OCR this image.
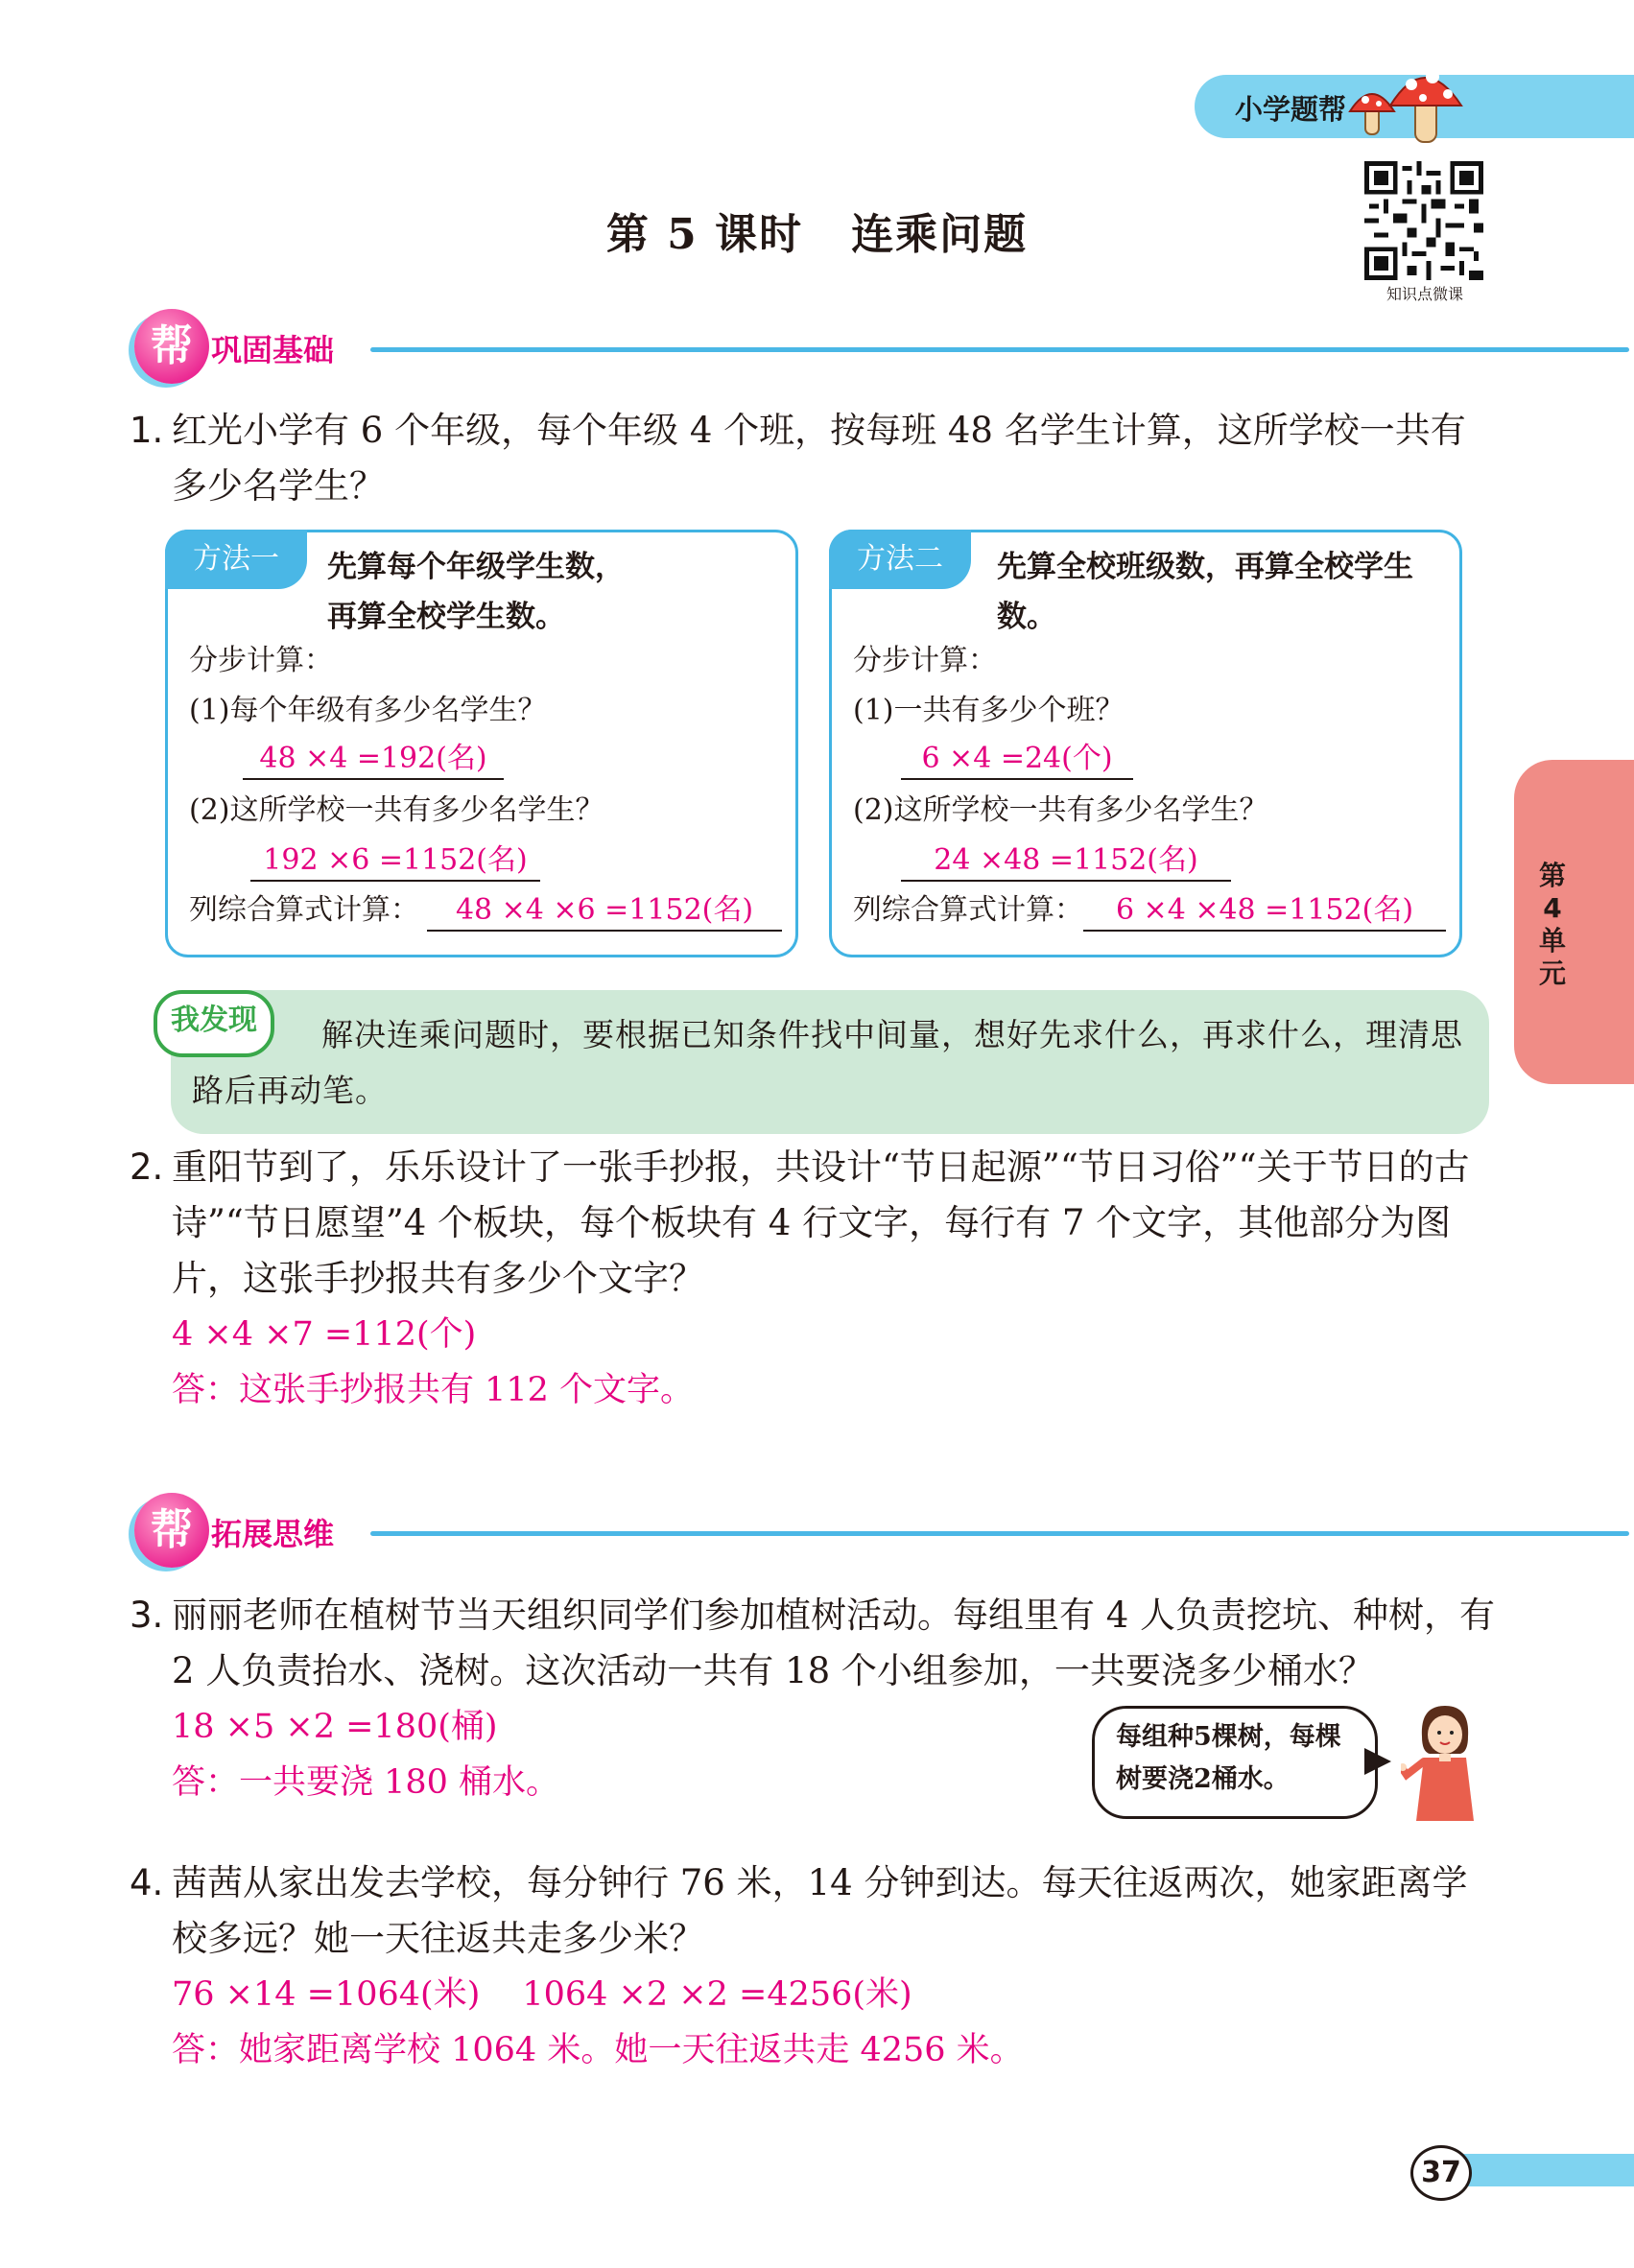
小学题帮
第 5 课时 连乘问题
知识点微课
帮 巩固基础
1. 红光小学有 6 个年级，每个年级 4 个班，按每班 48 名学生计算，这所学校一共有多少名学生？
方法一	先算每个年级学生数，再算全校学生数。
分步计算：
(1)每个年级有多少名学生？
48 ×4 =192(名)
(2)这所学校一共有多少名学生？
192 ×6 =1152(名)
列综合算式计算：	48 ×4 ×6 =1152(名)
方法二	先算全校班级数，再算全校学生数。
分步计算：
(1)一共有多少个班？
6 ×4 =24(个)
(2)这所学校一共有多少名学生？
24 ×48 =1152(名)
列综合算式计算：	6 ×4 ×48 =1152(名)
解决连乘问题时，要根据已知条件找中间量，想好先求什么，再求什么，理清思路后再动笔。
我发现
2. 重阳节到了，乐乐设计了一张手抄报，共设计“节日起源”“节日习俗”“关于节日的古诗”“节日愿望”4 个板块，每个板块有 4 行文字，每行有 7 个文字，其他部分为图片，这张手抄报共有多少个文字？
4 ×4 ×7 =112(个)
答：这张手抄报共有 112 个文字。
帮 拓展思维
3. 丽丽老师在植树节当天组织同学们参加植树活动。每组里有 4 人负责挖坑、种树，有 2 人负责抬水、浇树。这次活动一共有 18 个小组参加，一共要浇多少桶水？
18 ×5 ×2 =180(桶)
答：一共要浇 180 桶水。
每组种5棵树，每棵树要浇2桶水。
4. 茜茜从家出发去学校，每分钟行 76 米，14 分钟到达。每天往返两次，她家距离学校多远？她一天往返共走多少米？
76 ×14 =1064(米) 1064 ×2 ×2 =4256(米)
答：她家距离学校 1064 米。她一天往返共走 4256 米。
第4单元
37
